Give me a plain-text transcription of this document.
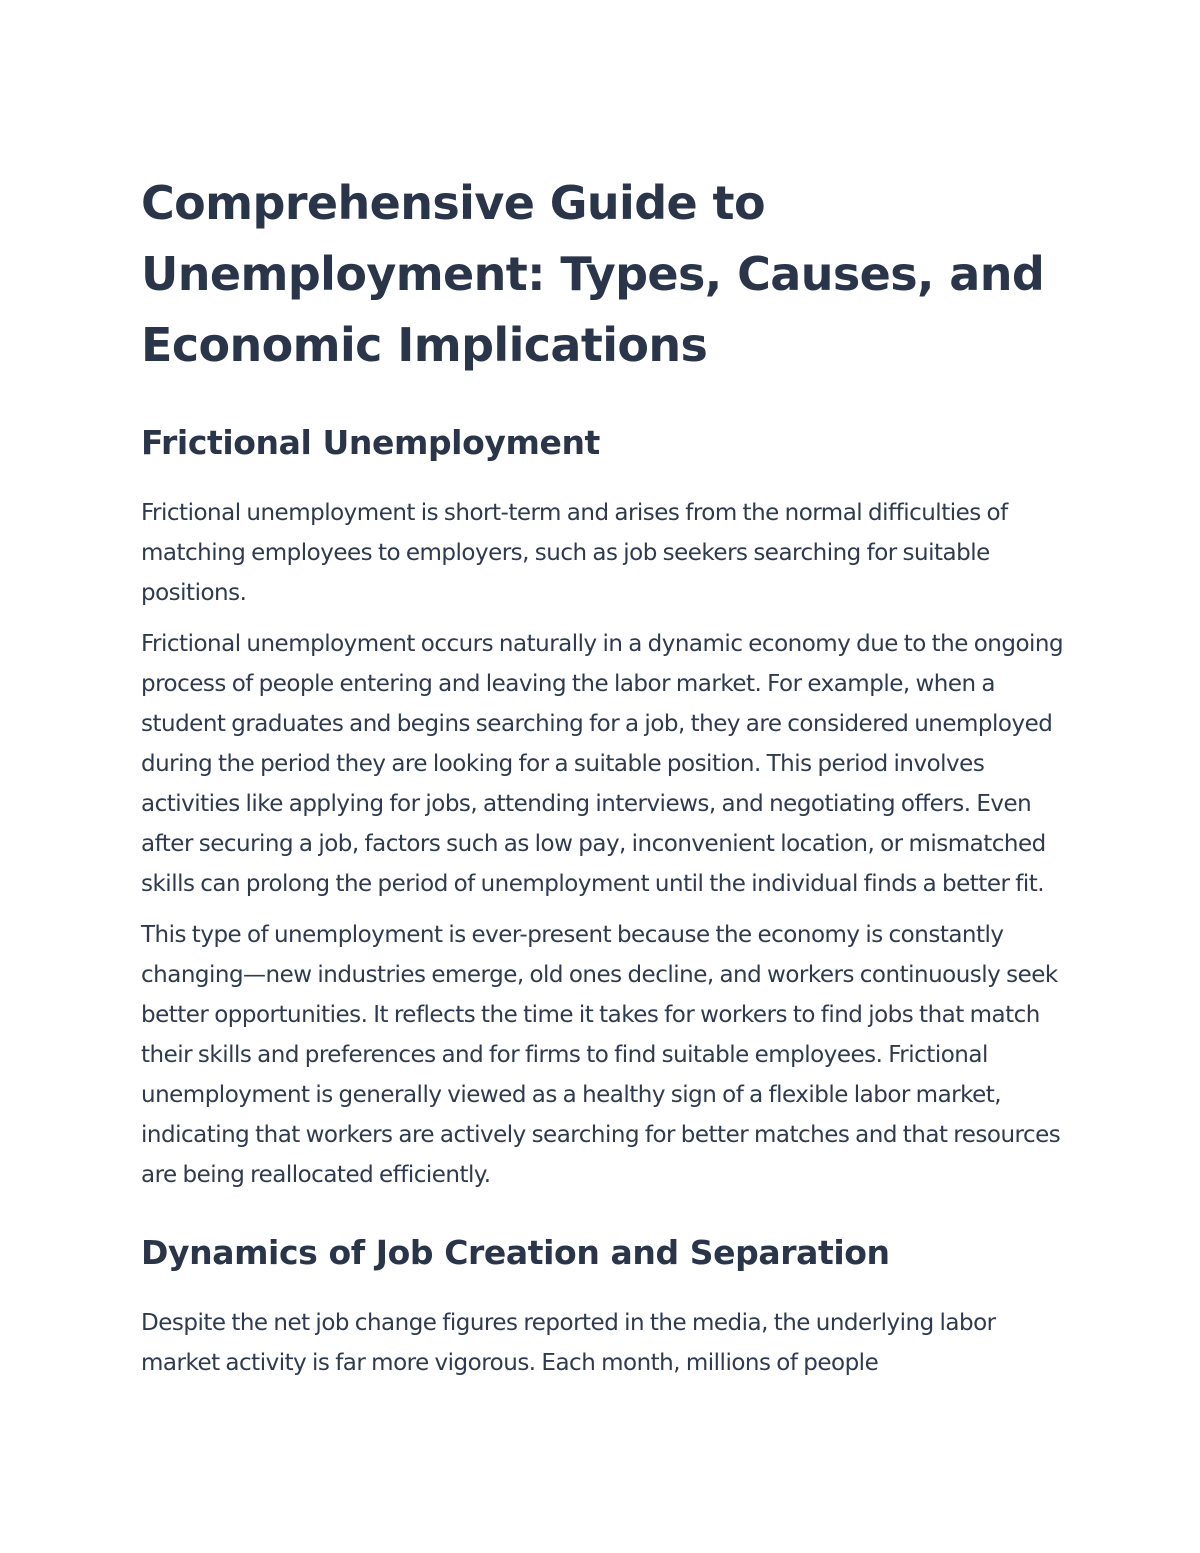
Comprehensive Guide to Unemployment: Types, Causes, and Economic Implications
Frictional Unemployment

Frictional unemployment is short-term and arises from the normal difficulties of matching employees to employers, such as job seekers searching for suitable positions.

Frictional unemployment occurs naturally in a dynamic economy due to the ongoing process of people entering and leaving the labor market. For example, when a student graduates and begins searching for a job, they are considered unemployed during the period they are looking for a suitable position. This period involves activities like applying for jobs, attending interviews, and negotiating offers. Even after securing a job, factors such as low pay, inconvenient location, or mismatched skills can prolong the period of unemployment until the individual finds a better fit.

This type of unemployment is ever-present because the economy is constantly changing—new industries emerge, old ones decline, and workers continuously seek better opportunities. It reflects the time it takes for workers to find jobs that match their skills and preferences and for firms to find suitable employees. Frictional unemployment is generally viewed as a healthy sign of a flexible labor market, indicating that workers are actively searching for better matches and that resources are being reallocated efficiently.

Dynamics of Job Creation and Separation

Despite the net job change figures reported in the media, the underlying labor market activity is far more vigorous. Each month, millions of people
